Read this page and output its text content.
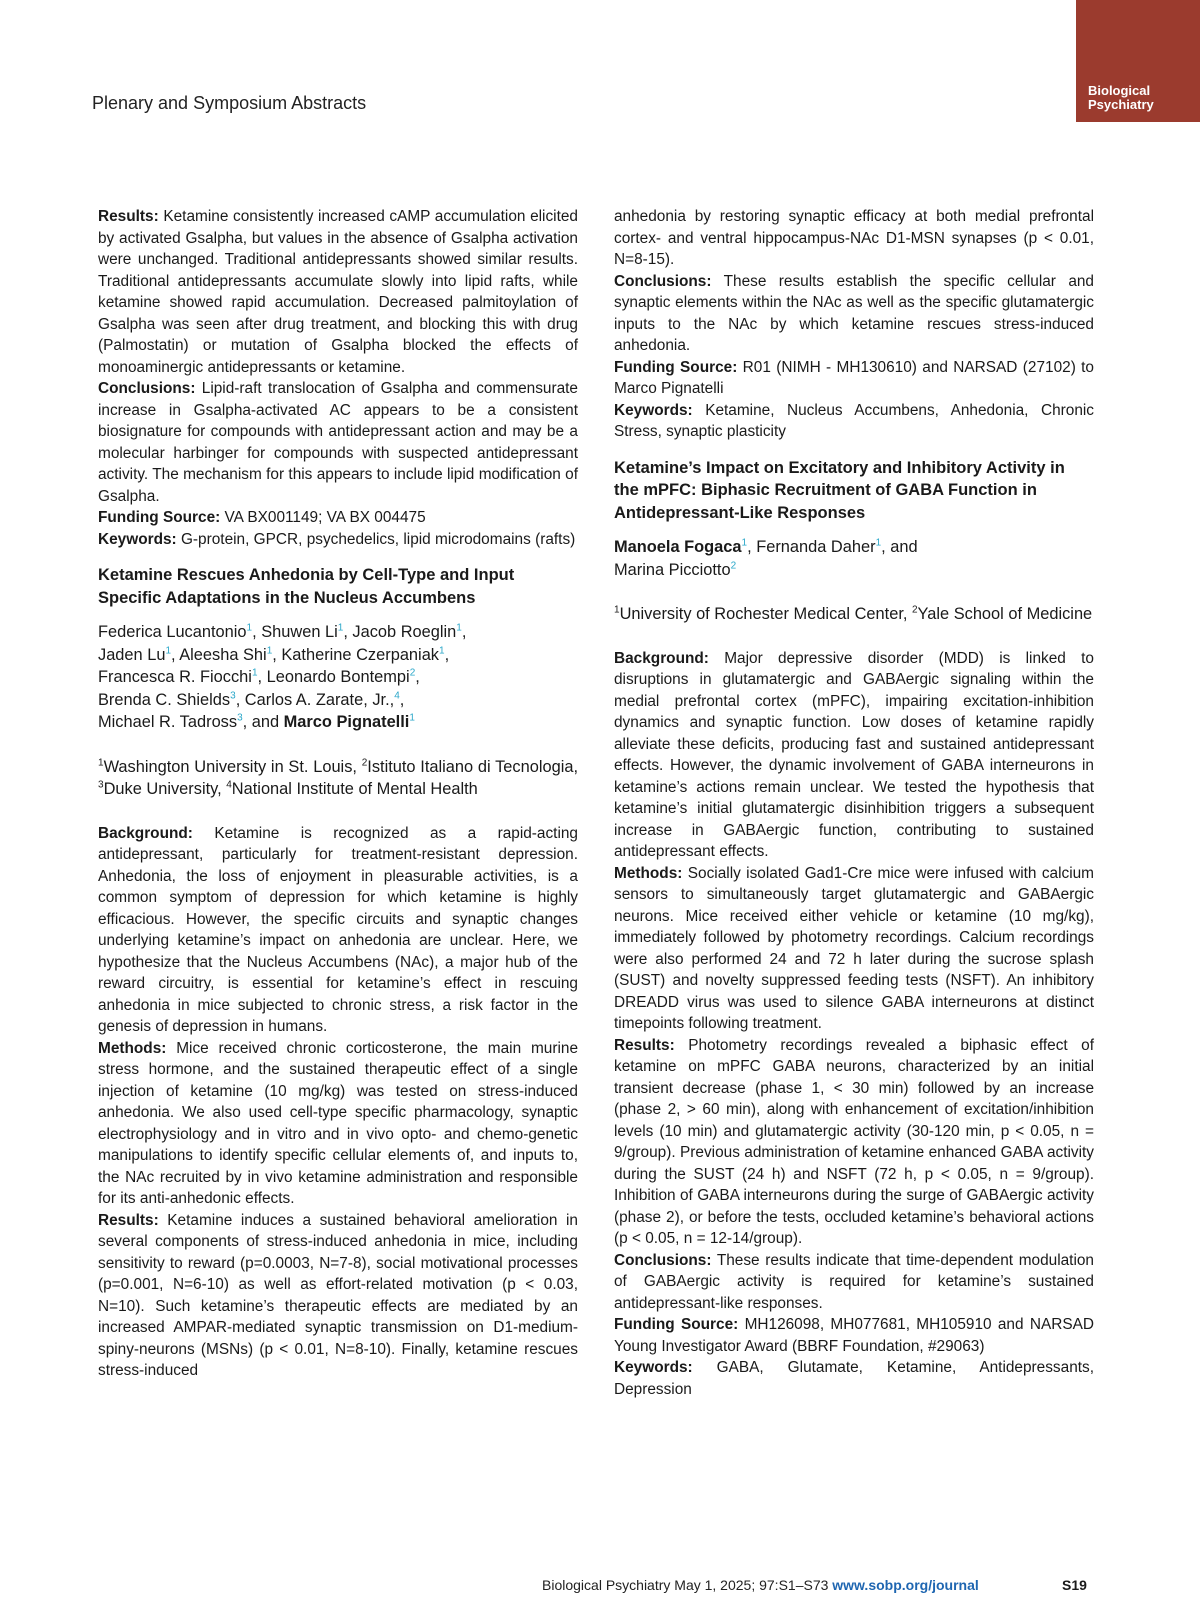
Plenary and Symposium Abstracts
Biological
Psychiatry

Results: Ketamine consistently increased cAMP accumulation elicited by activated Gsalpha, but values in the absence of Gsalpha activation were unchanged. Traditional antidepressants showed similar results. Traditional antidepressants accumulate slowly into lipid rafts, while ketamine showed rapid accumulation. Decreased palmitoylation of Gsalpha was seen after drug treatment, and blocking this with drug (Palmostatin) or mutation of Gsalpha blocked the effects of monoaminergic antidepressants or ketamine.

Conclusions: Lipid-raft translocation of Gsalpha and commensurate increase in Gsalpha-activated AC appears to be a consistent biosignature for compounds with antidepressant action and may be a molecular harbinger for compounds with suspected antidepressant activity. The mechanism for this appears to include lipid modification of Gsalpha.

Funding Source: VA BX001149; VA BX 004475

Keywords: G-protein, GPCR, psychedelics, lipid microdomains (rafts)

Ketamine Rescues Anhedonia by Cell-Type and Input Specific Adaptations in the Nucleus Accumbens
Federica Lucantonio$^1$, Shuwen Li$^1$, Jacob Roeglin$^1$,
Jaden Lu$^1$, Aleesha Shi$^1$, Katherine Czerpaniak$^1$,
Francesca R. Fiocchi$^1$, Leonardo Bontempi$^2$,
Brenda C. Shields$^3$, Carlos A. Zarate, Jr.,$^4$,
Michael R. Tadross$^3$, and Marco Pignatelli$^1$
$^1$Washington University in St. Louis, $^2$Istituto Italiano di Tecnologia, $^3$Duke University, $^4$National Institute of Mental Health

Background: Ketamine is recognized as a rapid-acting antidepressant, particularly for treatment-resistant depression. Anhedonia, the loss of enjoyment in pleasurable activities, is a common symptom of depression for which ketamine is highly efficacious. However, the specific circuits and synaptic changes underlying ketamine’s impact on anhedonia are unclear. Here, we hypothesize that the Nucleus Accumbens (NAc), a major hub of the reward circuitry, is essential for ketamine’s effect in rescuing anhedonia in mice subjected to chronic stress, a risk factor in the genesis of depression in humans.

Methods: Mice received chronic corticosterone, the main murine stress hormone, and the sustained therapeutic effect of a single injection of ketamine (10 mg/kg) was tested on stress-induced anhedonia. We also used cell-type specific pharmacology, synaptic electrophysiology and in vitro and in vivo opto- and chemo-genetic manipulations to identify specific cellular elements of, and inputs to, the NAc recruited by in vivo ketamine administration and responsible for its anti-anhedonic effects.

Results: Ketamine induces a sustained behavioral amelioration in several components of stress-induced anhedonia in mice, including sensitivity to reward (p=0.0003, N=7-8), social motivational processes (p=0.001, N=6-10) as well as effort-related motivation (p < 0.03, N=10). Such ketamine’s therapeutic effects are mediated by an increased AMPAR-mediated synaptic transmission on D1-medium-spiny-neurons (MSNs) (p < 0.01, N=8-10). Finally, ketamine rescues stress-induced

anhedonia by restoring synaptic efficacy at both medial prefrontal cortex- and ventral hippocampus-NAc D1-MSN synapses (p < 0.01, N=8-15).

Conclusions: These results establish the specific cellular and synaptic elements within the NAc as well as the specific glutamatergic inputs to the NAc by which ketamine rescues stress-induced anhedonia.

Funding Source: R01 (NIMH - MH130610) and NARSAD (27102) to Marco Pignatelli

Keywords: Ketamine, Nucleus Accumbens, Anhedonia, Chronic Stress, synaptic plasticity

Ketamine’s Impact on Excitatory and Inhibitory Activity in the mPFC: Biphasic Recruitment of GABA Function in Antidepressant-Like Responses
Manoela Fogaca$^1$, Fernanda Daher$^1$, and
Marina Picciotto$^2$
$^1$University of Rochester Medical Center, $^2$Yale School of Medicine

Background: Major depressive disorder (MDD) is linked to disruptions in glutamatergic and GABAergic signaling within the medial prefrontal cortex (mPFC), impairing excitation-inhibition dynamics and synaptic function. Low doses of ketamine rapidly alleviate these deficits, producing fast and sustained antidepressant effects. However, the dynamic involvement of GABA interneurons in ketamine’s actions remain unclear. We tested the hypothesis that ketamine’s initial glutamatergic disinhibition triggers a subsequent increase in GABAergic function, contributing to sustained antidepressant effects.

Methods: Socially isolated Gad1-Cre mice were infused with calcium sensors to simultaneously target glutamatergic and GABAergic neurons. Mice received either vehicle or ketamine (10 mg/kg), immediately followed by photometry recordings. Calcium recordings were also performed 24 and 72 h later during the sucrose splash (SUST) and novelty suppressed feeding tests (NSFT). An inhibitory DREADD virus was used to silence GABA interneurons at distinct timepoints following treatment.

Results: Photometry recordings revealed a biphasic effect of ketamine on mPFC GABA neurons, characterized by an initial transient decrease (phase 1, < 30 min) followed by an increase (phase 2, > 60 min), along with enhancement of excitation/inhibition levels (10 min) and glutamatergic activity (30-120 min, p < 0.05, n = 9/group). Previous administration of ketamine enhanced GABA activity during the SUST (24 h) and NSFT (72 h, p < 0.05, n = 9/group). Inhibition of GABA interneurons during the surge of GABAergic activity (phase 2), or before the tests, occluded ketamine’s behavioral actions (p < 0.05, n = 12-14/group).

Conclusions: These results indicate that time-dependent modulation of GABAergic activity is required for ketamine’s sustained antidepressant-like responses.

Funding Source: MH126098, MH077681, MH105910 and NARSAD Young Investigator Award (BBRF Foundation, #29063)

Keywords: GABA, Glutamate, Ketamine, Antidepressants, Depression

Biological Psychiatry May 1, 2025; 97:S1–S73 www.sobp.org/journal	S19
